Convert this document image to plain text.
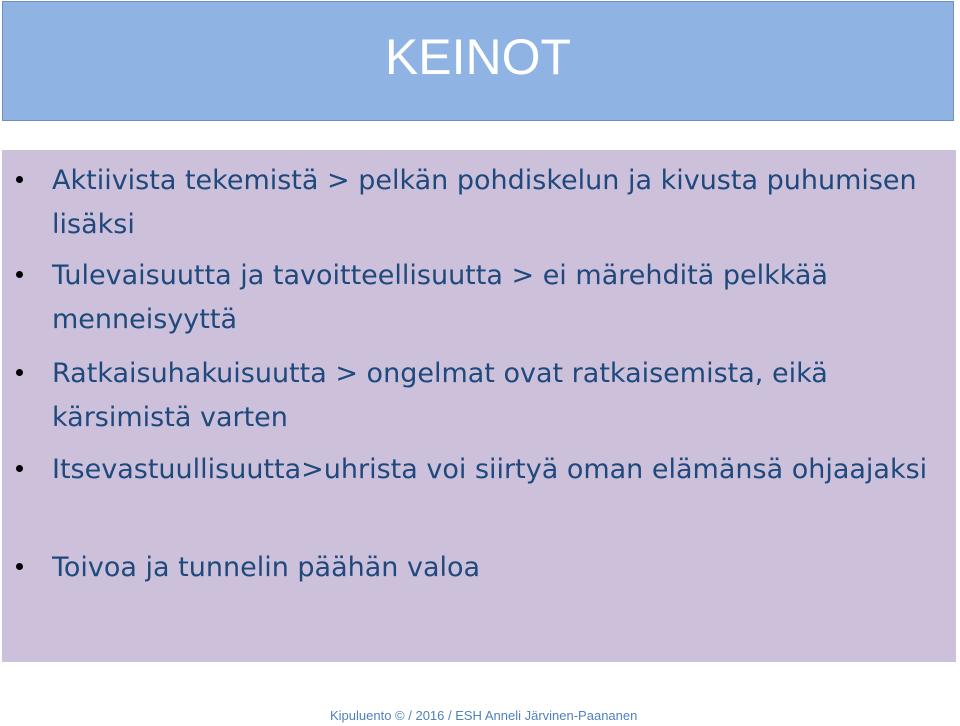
KEINOT
Aktiivista tekemistä > pelkän pohdiskelun ja kivusta puhumisen lisäksi
Tulevaisuutta ja tavoitteellisuutta > ei märehditä pelkkää menneisyyttä
Ratkaisuhakuisuutta > ongelmat ovat ratkaisemista, eikä kärsimistä varten
Itsevastuullisuutta>uhrista voi siirtyä oman elämänsä ohjaajaksi
Toivoa ja tunnelin päähän valoa
Kipuluento © / 2016 / ESH Anneli Järvinen-Paananen
